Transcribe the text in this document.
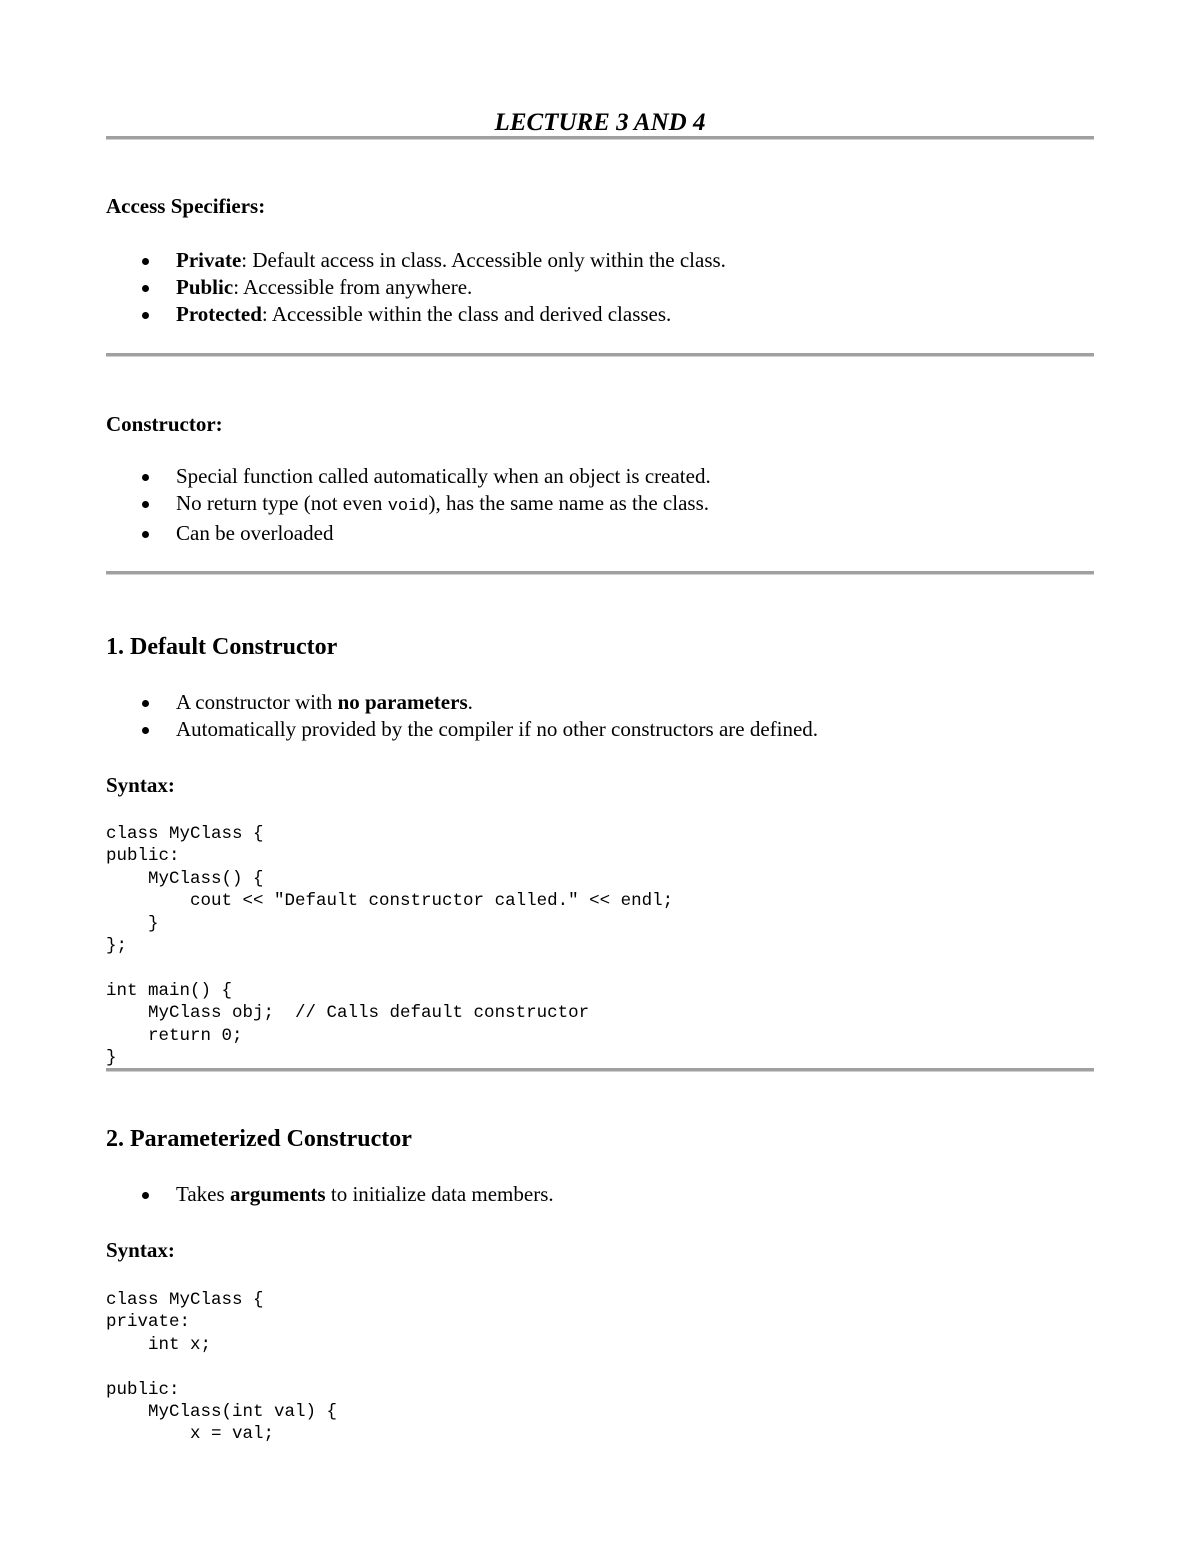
LECTURE 3 AND 4
Access Specifiers:
Private: Default access in class. Accessible only within the class.
Public: Accessible from anywhere.
Protected: Accessible within the class and derived classes.
Constructor:
Special function called automatically when an object is created.
No return type (not even void), has the same name as the class.
Can be overloaded
1. Default Constructor
A constructor with no parameters.
Automatically provided by the compiler if no other constructors are defined.
Syntax:
class MyClass {
public:
MyClass() {
cout << "Default constructor called." << endl;
}
};

int main() {
MyClass obj;  // Calls default constructor
return 0;
}
2. Parameterized Constructor
Takes arguments to initialize data members.
Syntax:
class MyClass {
private:
int x;

public:
MyClass(int val) {
x = val;
